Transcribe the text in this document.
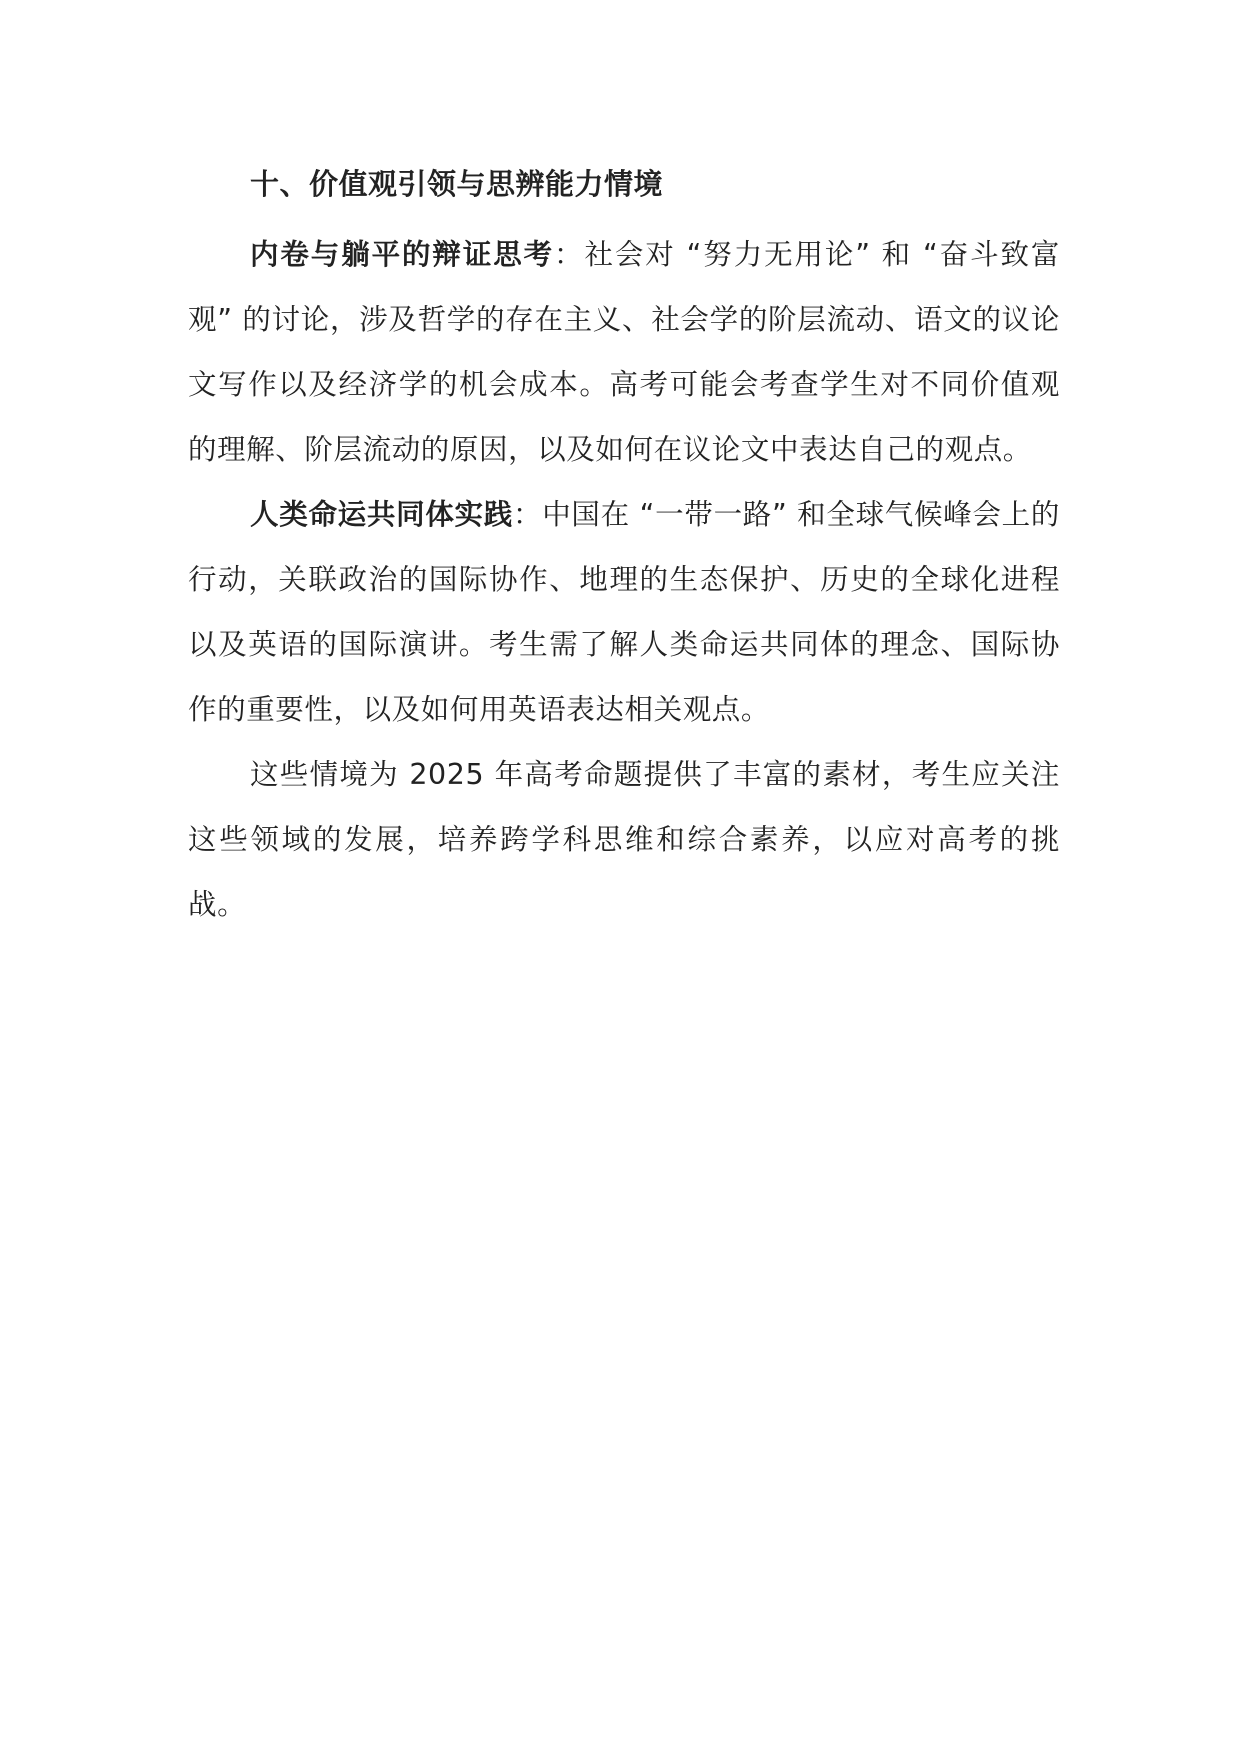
十、价值观引领与思辨能力情境

内卷与躺平的辩证思考：社会对 “努力无用论” 和 “奋斗致富观” 的讨论，涉及哲学的存在主义、社会学的阶层流动、语文的议论文写作以及经济学的机会成本。高考可能会考查学生对不同价值观的理解、阶层流动的原因，以及如何在议论文中表达自己的观点。

人类命运共同体实践：中国在 “一带一路” 和全球气候峰会上的行动，关联政治的国际协作、地理的生态保护、历史的全球化进程以及英语的国际演讲。考生需了解人类命运共同体的理念、国际协作的重要性，以及如何用英语表达相关观点。

这些情境为 2025 年高考命题提供了丰富的素材，考生应关注这些领域的发展，培养跨学科思维和综合素养，以应对高考的挑战。
